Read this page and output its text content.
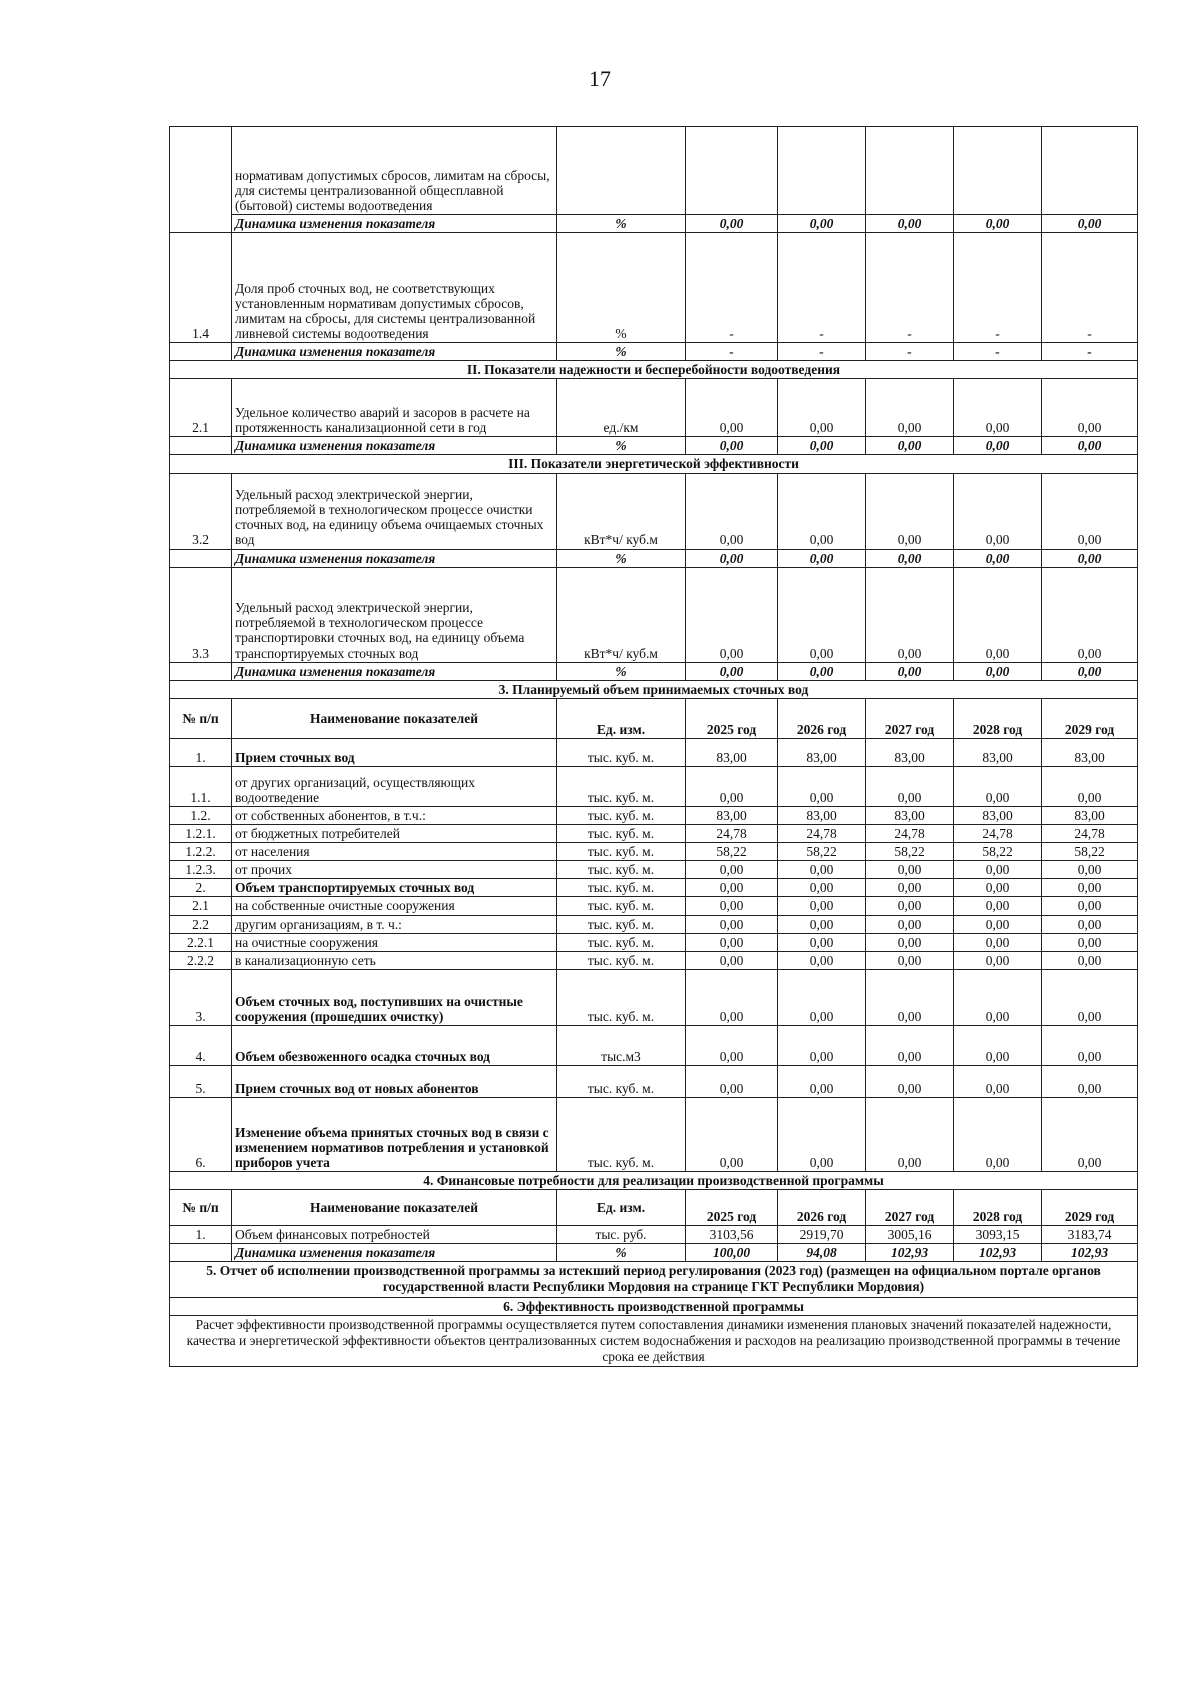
17
	нормативам допустимых сбросов, лимитам на сбросы, для системы централизованной общесплавной (бытовой) системы водоотведения						
	Динамика изменения показателя	%	0,00	0,00	0,00	0,00	0,00
1.4	Доля проб сточных вод, не соответствующих установленным нормативам допустимых сбросов, лимитам на сбросы, для системы централизованной ливневой системы водоотведения	%	-	-	-	-	-
	Динамика изменения показателя	%	-	-	-	-	-
II. Показатели надежности и бесперебойности водоотведения							
2.1	Удельное количество аварий и засоров в расчете на протяженность канализационной сети в год	ед./км	0,00	0,00	0,00	0,00	0,00
	Динамика изменения показателя	%	0,00	0,00	0,00	0,00	0,00
III. Показатели энергетической эффективности							
3.2	Удельный расход электрической энергии, потребляемой в технологическом процессе очистки сточных вод, на единицу объема очищаемых сточных вод	кВт*ч/ куб.м	0,00	0,00	0,00	0,00	0,00
	Динамика изменения показателя	%	0,00	0,00	0,00	0,00	0,00
3.3	Удельный расход электрической энергии, потребляемой в технологическом процессе транспортировки сточных вод, на единицу объема транспортируемых сточных вод	кВт*ч/ куб.м	0,00	0,00	0,00	0,00	0,00
	Динамика изменения показателя	%	0,00	0,00	0,00	0,00	0,00
3. Планируемый объем принимаемых сточных вод							
№ п/п	Наименование показателей	Ед. изм.	2025 год	2026 год	2027 год	2028 год	2029 год
1.	Прием сточных вод	тыс. куб. м.	83,00	83,00	83,00	83,00	83,00
1.1.	от других организаций, осуществляющих водоотведение	тыс. куб. м.	0,00	0,00	0,00	0,00	0,00
1.2.	от собственных абонентов, в т.ч.:	тыс. куб. м.	83,00	83,00	83,00	83,00	83,00
1.2.1.	от бюджетных потребителей	тыс. куб. м.	24,78	24,78	24,78	24,78	24,78
1.2.2.	от населения	тыс. куб. м.	58,22	58,22	58,22	58,22	58,22
1.2.3.	от прочих	тыс. куб. м.	0,00	0,00	0,00	0,00	0,00
2.	Объем транспортируемых сточных вод	тыс. куб. м.	0,00	0,00	0,00	0,00	0,00
2.1	на собственные очистные сооружения	тыс. куб. м.	0,00	0,00	0,00	0,00	0,00
2.2	другим организациям, в т. ч.:	тыс. куб. м.	0,00	0,00	0,00	0,00	0,00
2.2.1	на очистные сооружения	тыс. куб. м.	0,00	0,00	0,00	0,00	0,00
2.2.2	в канализационную сеть	тыс. куб. м.	0,00	0,00	0,00	0,00	0,00
3.	Объем сточных вод, поступивших на очистные сооружения (прошедших очистку)	тыс. куб. м.	0,00	0,00	0,00	0,00	0,00
4.	Объем обезвоженного осадка сточных вод	тыс.м3	0,00	0,00	0,00	0,00	0,00
5.	Прием сточных вод от новых абонентов	тыс. куб. м.	0,00	0,00	0,00	0,00	0,00
6.	Изменение объема принятых сточных вод в связи с изменением нормативов потребления и установкой приборов учета	тыс. куб. м.	0,00	0,00	0,00	0,00	0,00
4. Финансовые потребности для реализации производственной программы							
№ п/п	Наименование показателей	Ед. изм.	2025 год	2026 год	2027 год	2028 год	2029 год
1.	Объем финансовых потребностей	тыс. руб.	3103,56	2919,70	3005,16	3093,15	3183,74
	Динамика изменения показателя	%	100,00	94,08	102,93	102,93	102,93
5. Отчет об исполнении производственной программы за истекший период регулирования (2023 год) (размещен на официальном портале органов государственной власти Республики Мордовия на странице ГКТ Республики Мордовия)							
6. Эффективность производственной программы							
Расчет эффективности производственной программы осуществляется путем сопоставления динамики изменения плановых значений показателей надежности, качества и энергетической эффективности объектов централизованных систем водоснабжения и расходов на реализацию производственной программы в течение срока ее действия							
